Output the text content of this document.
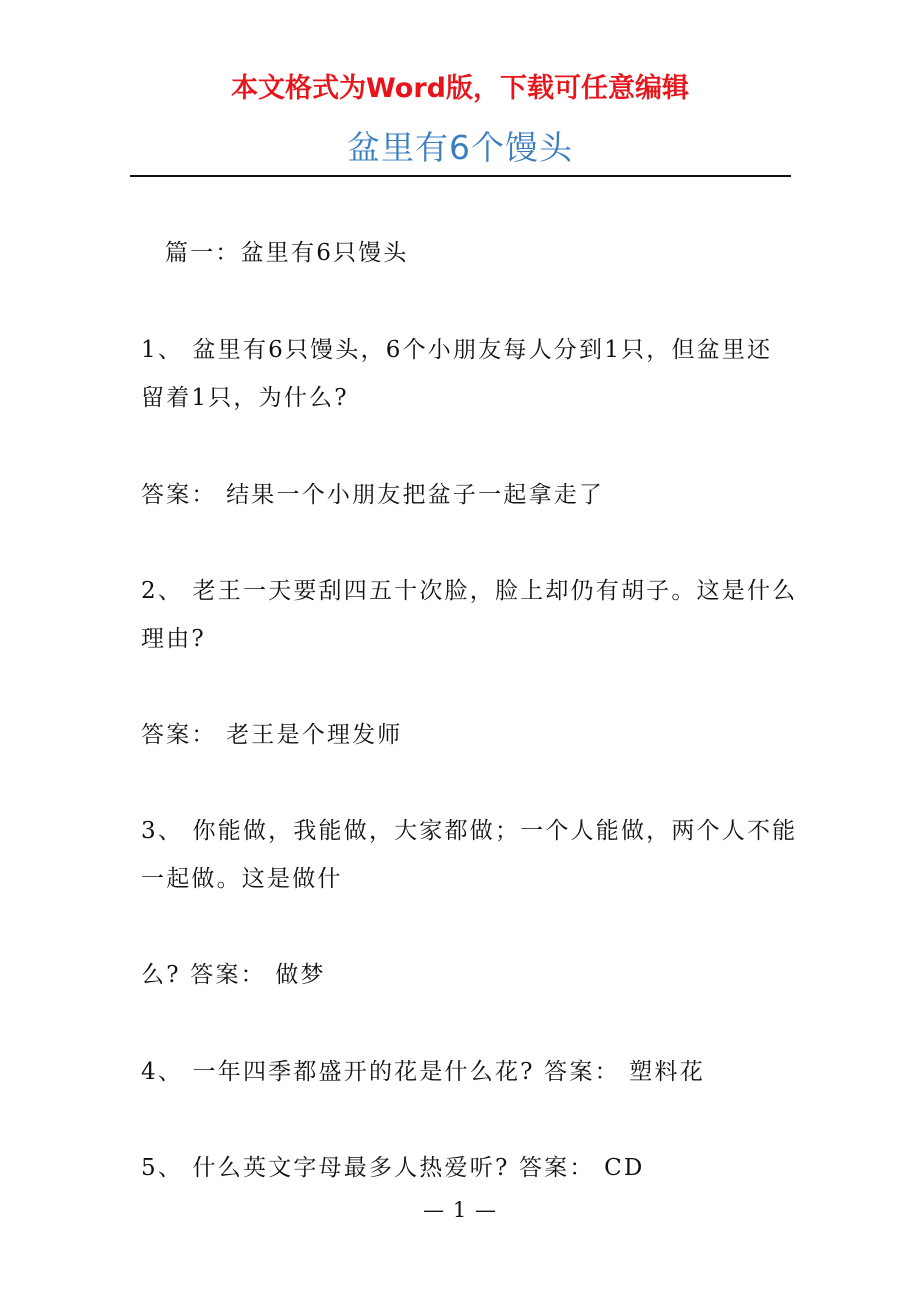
本文格式为Word版，下载可任意编辑
盆里有6个馒头
篇一：盆里有6只馒头
1、 盆里有6只馒头，6个小朋友每人分到1只，但盆里还
留着1只，为什么?
答案： 结果一个小朋友把盆子一起拿走了
2、 老王一天要刮四五十次脸，脸上却仍有胡子。这是什么
理由?
答案： 老王是个理发师
3、 你能做，我能做，大家都做；一个人能做，两个人不能
一起做。这是做什
么? 答案： 做梦
4、 一年四季都盛开的花是什么花? 答案： 塑料花
5、 什么英文字母最多人热爱听? 答案： CD
— 1 —
